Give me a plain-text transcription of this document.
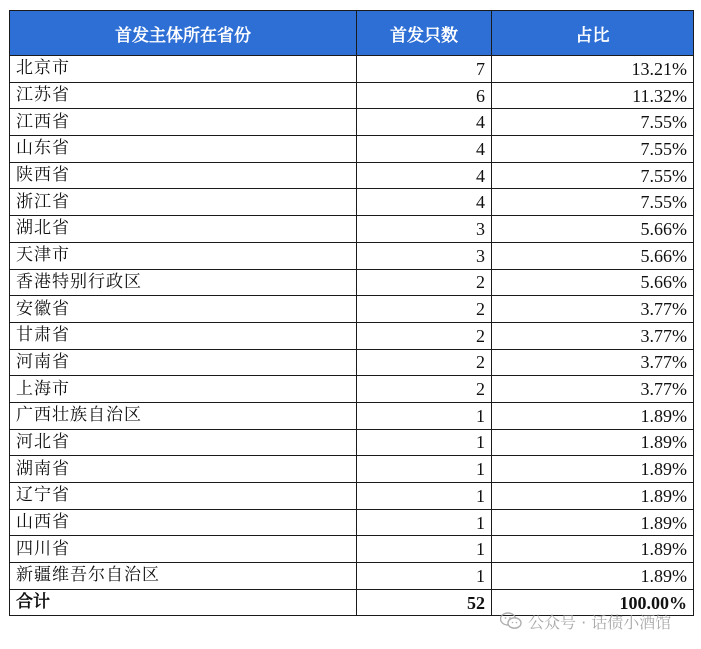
首发主体所在省份	首发只数	占比
北京市	7	13.21%
江苏省	6	11.32%
江西省	4	7.55%
山东省	4	7.55%
陕西省	4	7.55%
浙江省	4	7.55%
湖北省	3	5.66%
天津市	3	5.66%
香港特别行政区	2	5.66%
安徽省	2	3.77%
甘肃省	2	3.77%
河南省	2	3.77%
上海市	2	3.77%
广西壮族自治区	1	1.89%
河北省	1	1.89%
湖南省	1	1.89%
辽宁省	1	1.89%
山西省	1	1.89%
四川省	1	1.89%
新疆维吾尔自治区	1	1.89%
合计	52	100.00%
公众号 · 话债小酒馆
